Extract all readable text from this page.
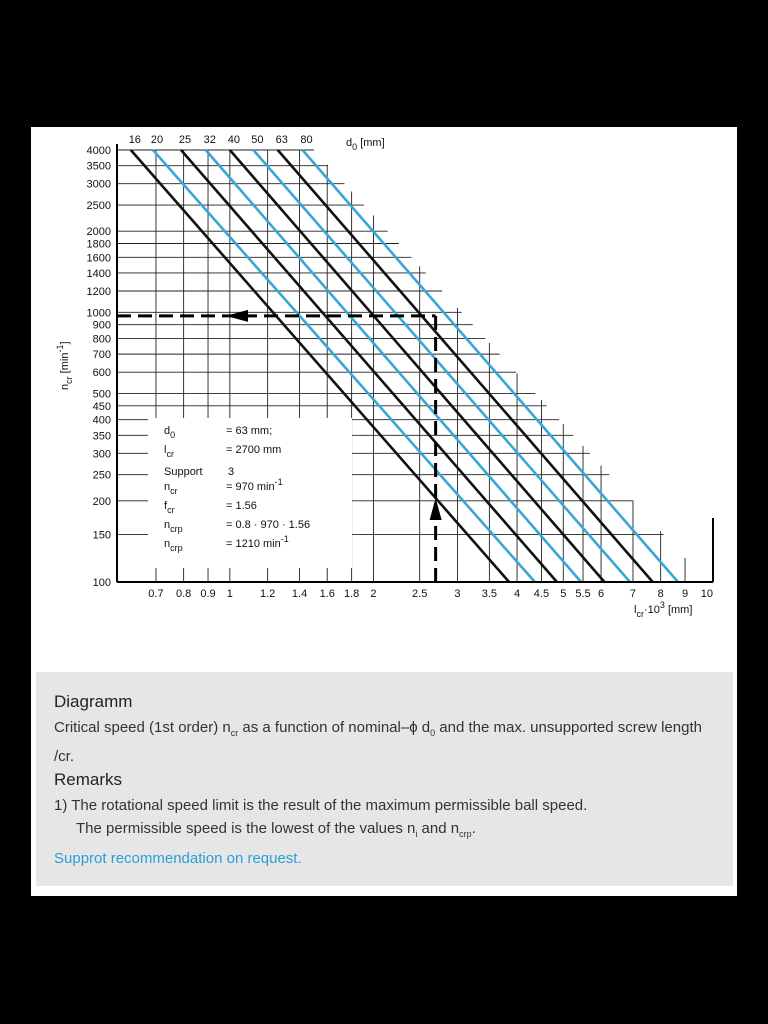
4000
3500
3000
2500
2000
1800
1600
1400
1200
1000
900
800
700
600
500
450
400
350
300
250
200
150
100
0.7 0.8 0.9 1 1.2 1.4 1.6 1.8 2	2.5 3 3.5 4 4.5 5 5.5 6 7 8 9 10
16 20 25 32 40 50 63 80
$d_0$	= 63 mm;
$l_{cr}$	= 2700 mm
Support 3
$n_{cr}$	= 970 $\min^{-1}$
$f_{cr}$	= 1.56
$n_{crp}$	= 0.8 · 970 · 1.56
$n_{crp}$	= 1210 $\min^{-1}$
$d_0$ [mm]
$l_{cr}\cdot 10^3$ [mm]
$n_{cr}$ $[\min^{-1}]$
Diagramm
Critical speed (1st order) $n_{cr}$ as a function of nominal–ϕ $d_0$ and the max. unsupported screw length /cr.
Remarks
1) The rotational speed limit is the result of the maximum permissible ball speed.
The permissible speed is the lowest of the values $n_i$ and $n_{crp}$.
Supprot recommendation on request.
